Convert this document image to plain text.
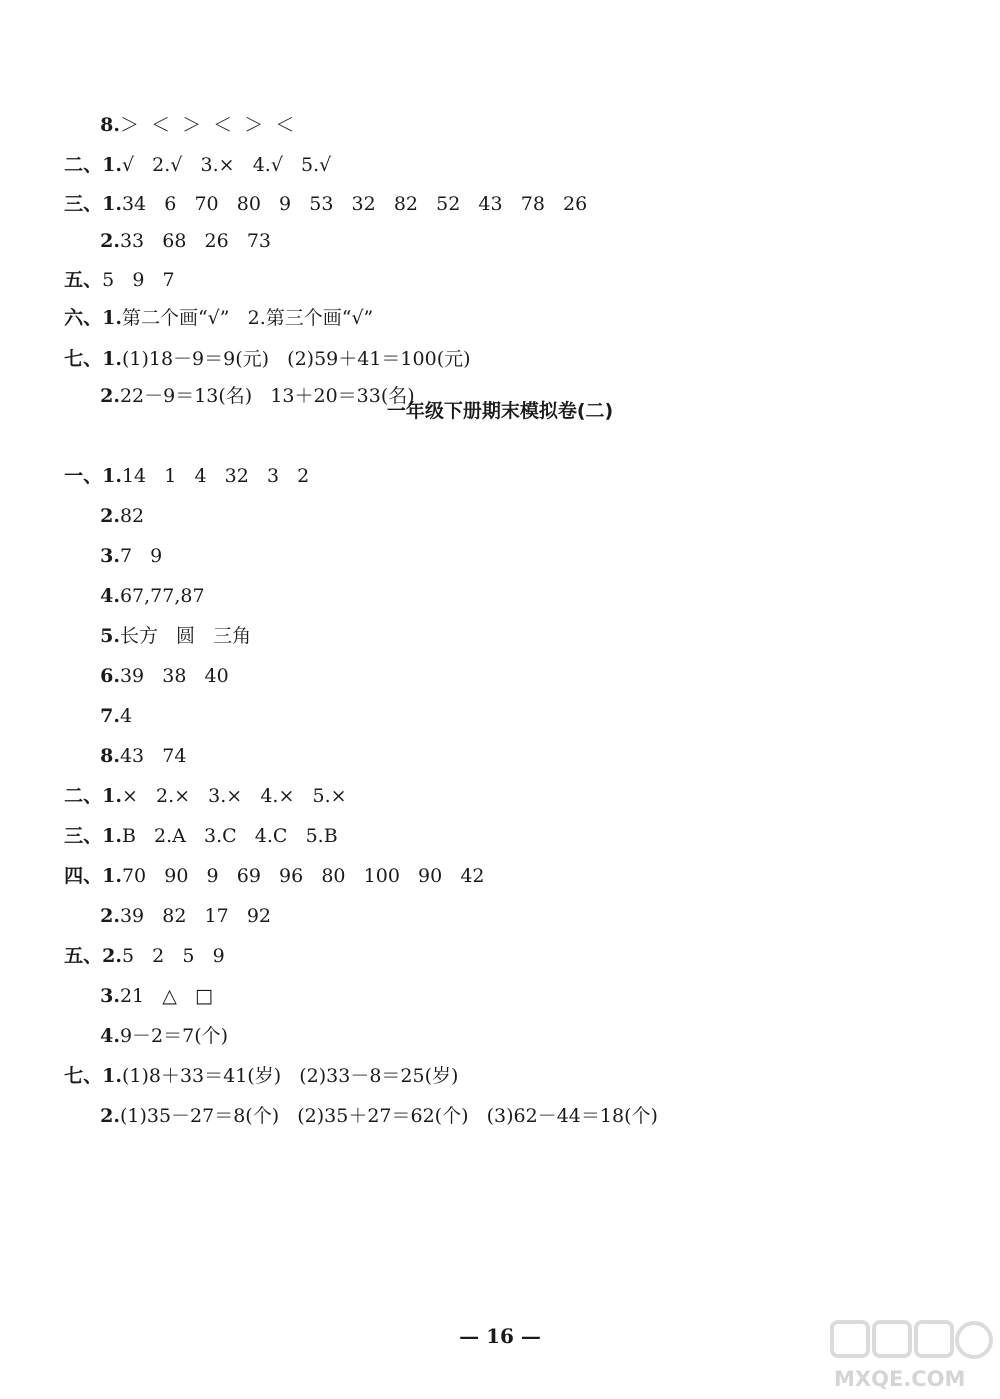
8.＞  ＜  ＞  ＜  ＞  ＜

二、1.√   2.√   3.×   4.√   5.√

三、1.34   6   70   80   9   53   32   82   52   43   78   26

2.33   68   26   73

五、5   9   7

六、1.第二个画“√”   2.第三个画“√”

七、1.(1)18－9＝9(元)   (2)59＋41＝100(元)

2.22－9＝13(名)   13＋20＝33(名)

一年级下册期末模拟卷(二)

一、1.14   1   4   32   3   2

2.82

3.7   9

4.67,77,87

5.长方   圆   三角

6.39   38   40

7.4

8.43   74

二、1.×   2.×   3.×   4.×   5.×

三、1.B   2.A   3.C   4.C   5.B

四、1.70   90   9   69   96   80   100   90   42

2.39   82   17   92

五、2.5   2   5   9

3.21   △   □

4.9－2＝7(个)

七、1.(1)8＋33＝41(岁)   (2)33－8＝25(岁)

2.(1)35－27＝8(个)   (2)35＋27＝62(个)   (3)62－44＝18(个)

— 16 —
MXQE.COM
